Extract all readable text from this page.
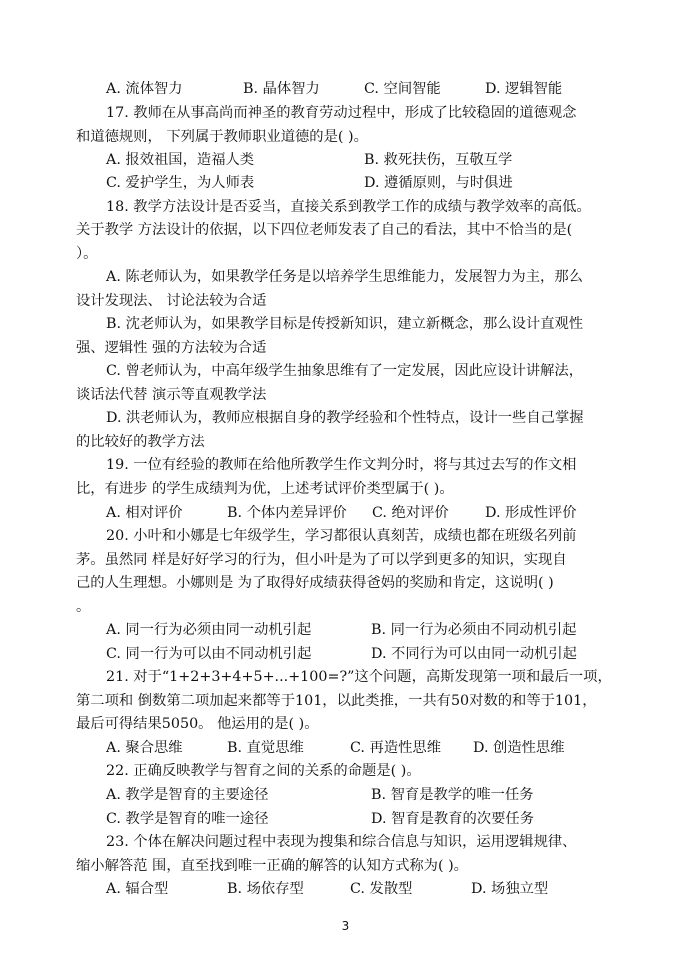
A. 流体智力	B. 晶体智力	C. 空间智能	D. 逻辑智能
17. 教师在从事高尚而神圣的教育劳动过程中，形成了比较稳固的道德观念
和道德规则， 下列属于教师职业道德的是( )。
A. 报效祖国，造福人类	B. 救死扶伤，互敬互学
C. 爱护学生，为人师表	D. 遵循原则，与时俱进
18. 教学方法设计是否妥当，直接关系到教学工作的成绩与教学效率的高低。
关于教学 方法设计的依据，以下四位老师发表了自己的看法，其中不恰当的是(
）。
A. 陈老师认为，如果教学任务是以培养学生思维能力，发展智力为主，那么
设计发现法、 讨论法较为合适
B. 沈老师认为，如果教学目标是传授新知识，建立新概念，那么设计直观性
强、逻辑性 强的方法较为合适
C. 曾老师认为，中高年级学生抽象思维有了一定发展，因此应设计讲解法，
谈话法代替 演示等直观教学法
D. 洪老师认为，教师应根据自身的教学经验和个性特点，设计一些自己掌握
的比较好的教学方法
19. 一位有经验的教师在给他所教学生作文判分时，将与其过去写的作文相
比，有进步 的学生成绩判为优，上述考试评价类型属于( )。
A. 相对评价	B. 个体内差异评价 C. 绝对评价	D. 形成性评价
20. 小叶和小娜是七年级学生，学习都很认真刻苦，成绩也都在班级名列前
茅。虽然同 样是好好学习的行为，但小叶是为了可以学到更多的知识，实现自
己的人生理想。小娜则是 为了取得好成绩获得爸妈的奖励和肯定，这说明( )
。
A. 同一行为必须由同一动机引起	B. 同一行为必须由不同动机引起
C. 同一行为可以由不同动机引起	D. 不同行为可以由同一动机引起
21. 对于“1+2+3+4+5+...+100=?”这个问题，高斯发现第一项和最后一项，
第二项和 倒数第二项加起来都等于101，以此类推，一共有50对数的和等于101，
最后可得结果5050。 他运用的是( )。
A. 聚合思维	B. 直觉思维	C. 再造性思维 D. 创造性思维
22. 正确反映教学与智育之间的关系的命题是( )。
A. 教学是智育的主要途径	B. 智育是教学的唯一任务
C. 教学是智育的唯一途径	D. 智育是教育的次要任务
23. 个体在解决问题过程中表现为搜集和综合信息与知识，运用逻辑规律、
缩小解答范 围，直至找到唯一正确的解答的认知方式称为( )。
A. 辐合型	B. 场依存型	C. 发散型	D. 场独立型
3
